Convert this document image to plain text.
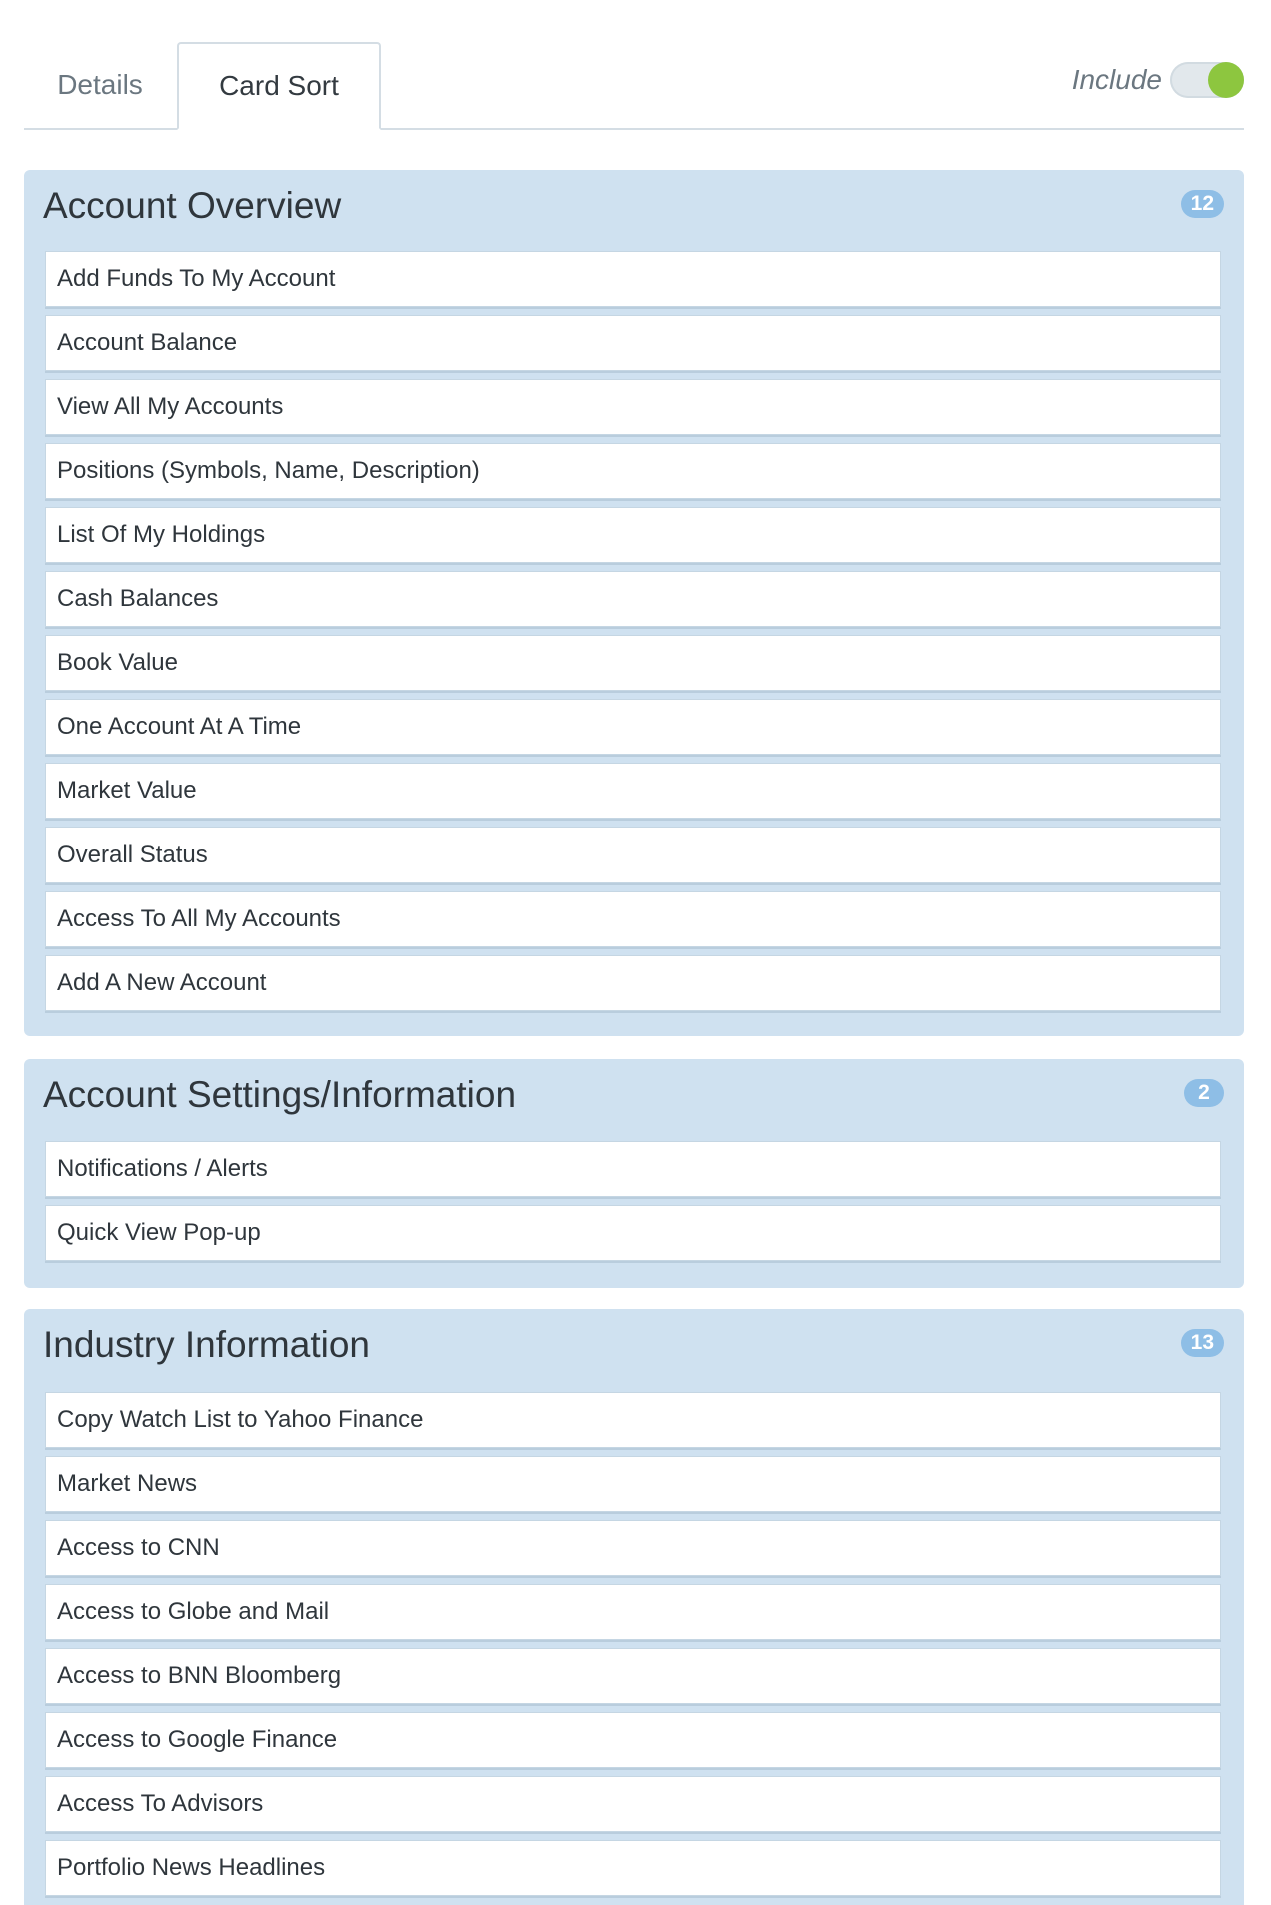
Details	Card Sort	Include
Account Overview	12
Add Funds To My Account
Account Balance
View All My Accounts
Positions (Symbols, Name, Description)
List Of My Holdings
Cash Balances
Book Value
One Account At A Time
Market Value
Overall Status
Access To All My Accounts
Add A New Account
Account Settings/Information	2
Notifications / Alerts
Quick View Pop-up
Industry Information	13
Copy Watch List to Yahoo Finance
Market News
Access to CNN
Access to Globe and Mail
Access to BNN Bloomberg
Access to Google Finance
Access To Advisors
Portfolio News Headlines
